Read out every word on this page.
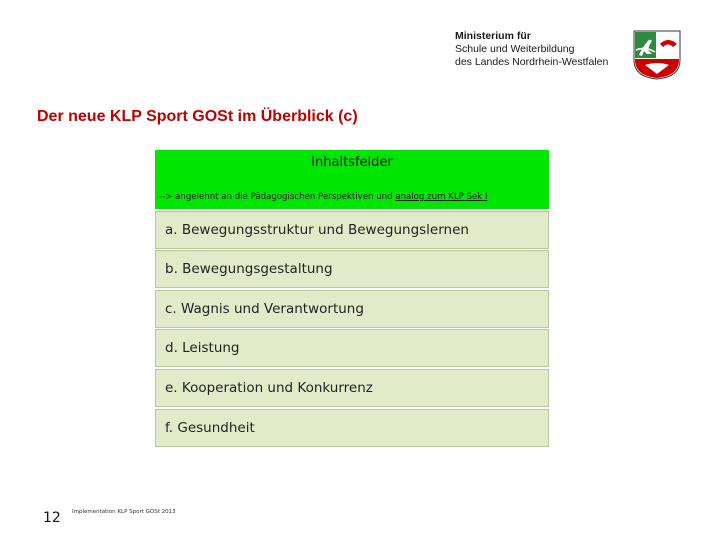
Ministerium für
Schule und Weiterbildung
des Landes Nordrhein-Westfalen
Der neue KLP Sport GOSt im Überblick (c)
Inhaltsfelder
--> angelehnt an die Pädagogischen Perspektiven und analog zum KLP Sek I
a. Bewegungsstruktur und Bewegungslernen
b. Bewegungsgestaltung
c. Wagnis und Verantwortung
d. Leistung
e. Kooperation und Konkurrenz
f. Gesundheit
12 Implementation KLP Sport GOSt 2013
